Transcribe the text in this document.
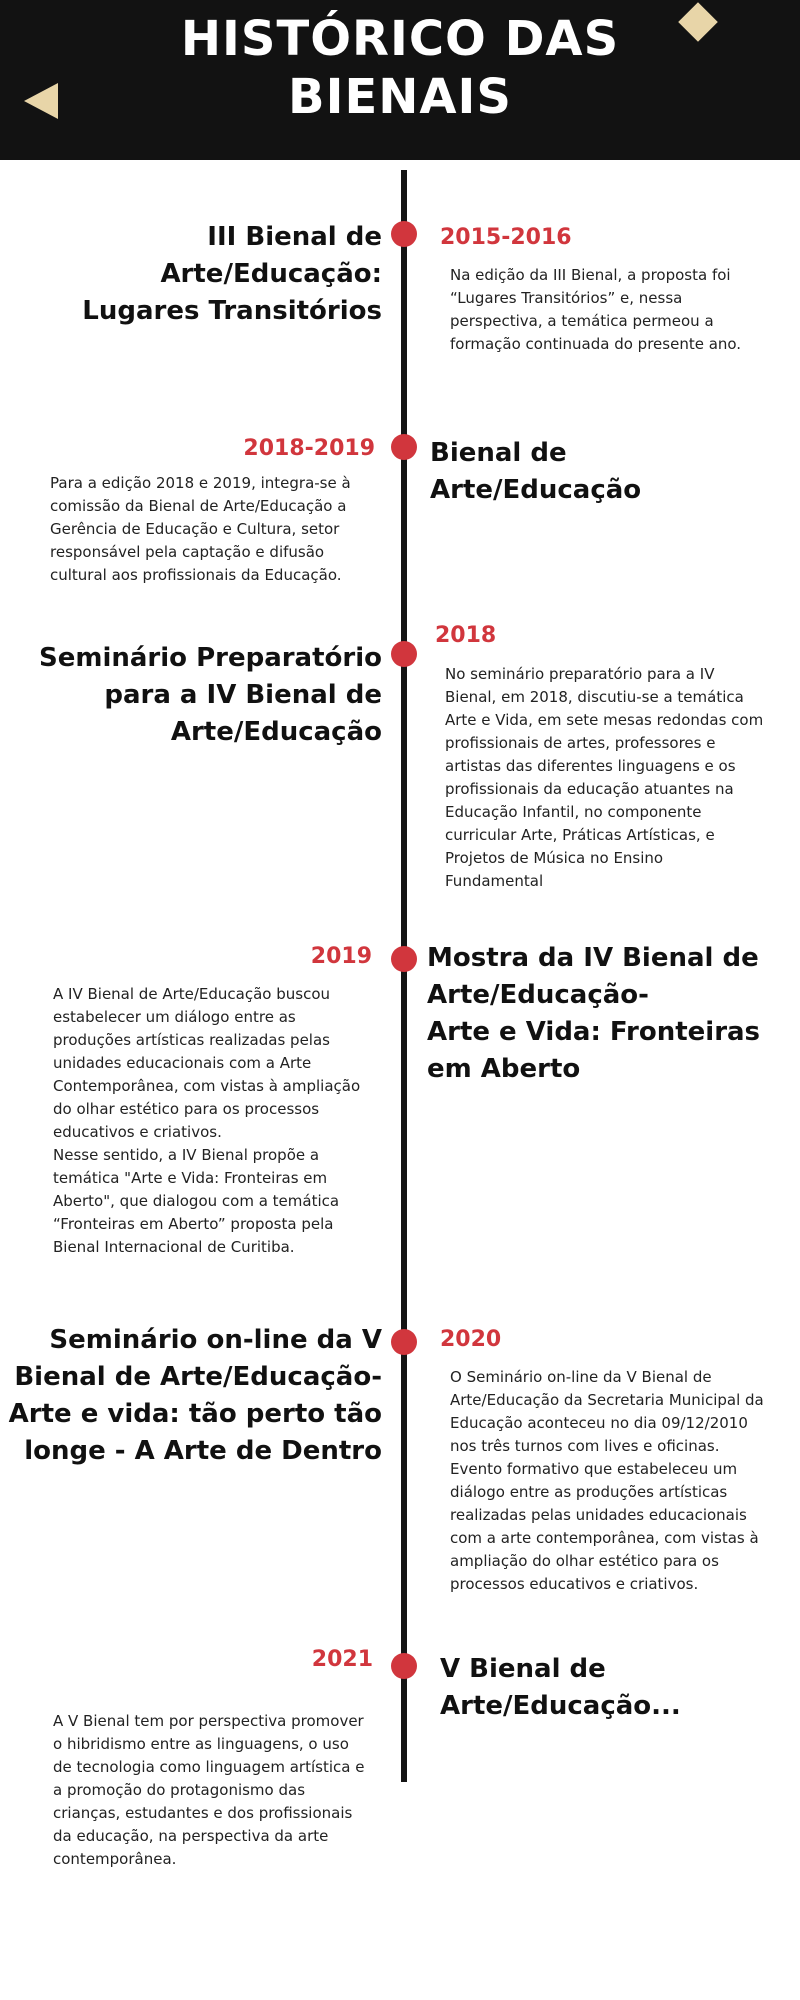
HISTÓRICO DAS
BIENAIS
III Bienal de
Arte/Educação:
Lugares Transitórios
2015-2016
Na edição da III Bienal, a proposta foi
“Lugares Transitórios” e, nessa
perspectiva, a temática permeou a
formação continuada do presente ano.
2018-2019
Para a edição 2018 e 2019, integra-se à
comissão da Bienal de Arte/Educação a
Gerência de Educação e Cultura, setor
responsável pela captação e difusão
cultural aos profissionais da Educação.
Bienal de
Arte/Educação
Seminário Preparatório
para a IV Bienal de
Arte/Educação
2018
No seminário preparatório para a IV
Bienal, em 2018, discutiu-se a temática
Arte e Vida, em sete mesas redondas com
profissionais de artes, professores e
artistas das diferentes linguagens e os
profissionais da educação atuantes na
Educação Infantil, no componente
curricular Arte, Práticas Artísticas, e
Projetos de Música no Ensino
Fundamental
2019
A IV Bienal de Arte/Educação buscou
estabelecer um diálogo entre as
produções artísticas realizadas pelas
unidades educacionais com a Arte
Contemporânea, com vistas à ampliação
do olhar estético para os processos
educativos e criativos.
Nesse sentido, a IV Bienal propõe a
temática "Arte e Vida: Fronteiras em
Aberto", que dialogou com a temática
“Fronteiras em Aberto” proposta pela
Bienal Internacional de Curitiba.
Mostra da IV Bienal de
Arte/Educação-
Arte e Vida: Fronteiras
em Aberto
Seminário on-line da V
Bienal de Arte/Educação-
Arte e vida: tão perto tão
longe - A Arte de Dentro
2020
O Seminário on-line da V Bienal de
Arte/Educação da Secretaria Municipal da
Educação aconteceu no dia 09/12/2010
nos três turnos com lives e oficinas.
Evento formativo que estabeleceu um
diálogo entre as produções artísticas
realizadas pelas unidades educacionais
com a arte contemporânea, com vistas à
ampliação do olhar estético para os
processos educativos e criativos.
2021
A V Bienal tem por perspectiva promover
o hibridismo entre as linguagens, o uso
de tecnologia como linguagem artística e
a promoção do protagonismo das
crianças, estudantes e dos profissionais
da educação, na perspectiva da arte
contemporânea.
V Bienal de
Arte/Educação...
